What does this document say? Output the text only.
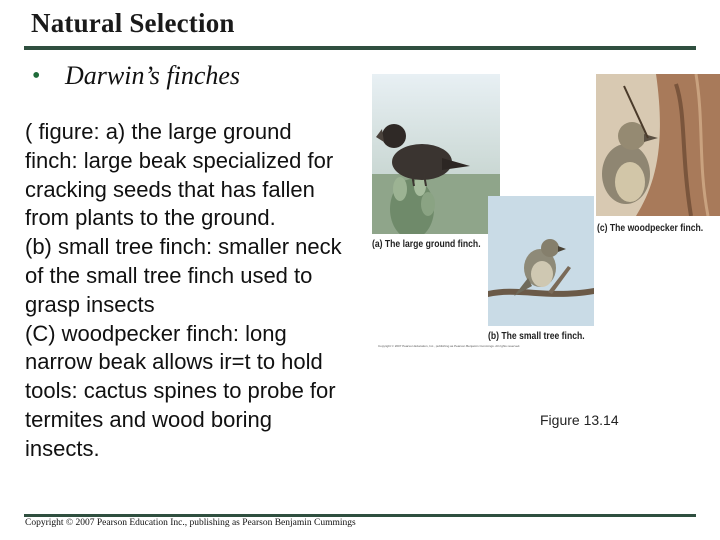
Natural Selection
• Darwin’s finches
( figure: a) the large ground
finch: large beak specialized for
cracking seeds that has fallen
from plants to the ground.
(b) small tree finch: smaller neck
of the small tree finch used to
grasp insects
(C) woodpecker finch: long
narrow beak allows ir=t to hold
tools: cactus spines to probe for
termites and wood boring
insects.
(a) The large ground finch.
(b) The small tree finch.
(c) The woodpecker finch.
Copyright © 2007 Pearson Education, Inc., publishing as Pearson Benjamin Cummings. All rights reserved.
Figure 13.14
Copyright © 2007 Pearson Education Inc., publishing as Pearson Benjamin Cummings
